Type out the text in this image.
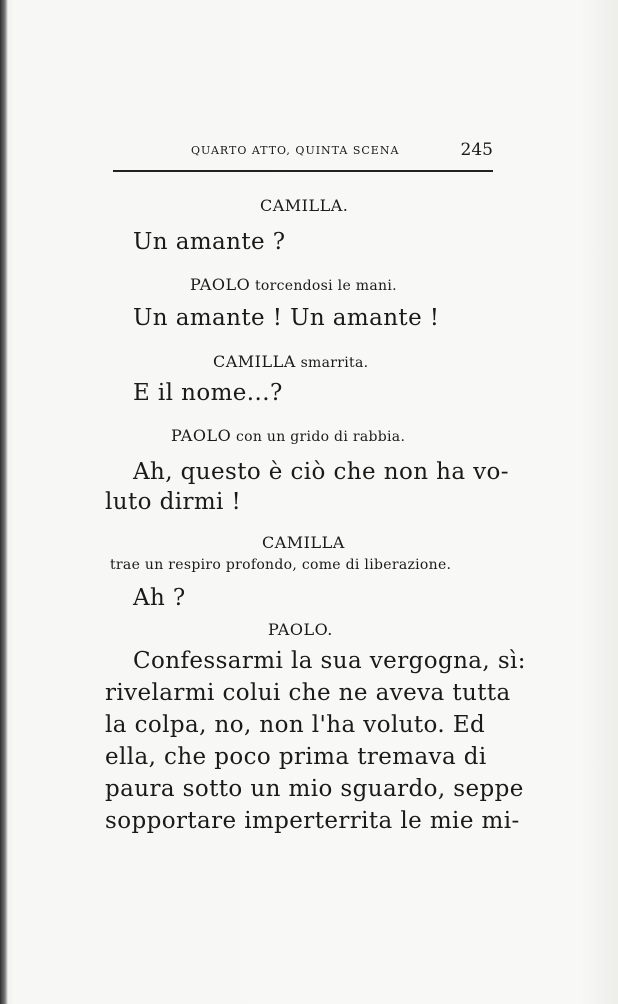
QUARTO ATTO, QUINTA SCENA	245
CAMILLA.
Un amante ?
PAOLO torcendosi le mani.
Un amante ! Un amante !
CAMILLA smarrita.
E il nome...?
PAOLO con un grido di rabbia.
Ah, questo è ciò che non ha vo-
luto dirmi !
CAMILLA
trae un respiro profondo, come di liberazione.
Ah ?
PAOLO.
Confessarmi la sua vergogna, sì:
rivelarmi colui che ne aveva tutta
la colpa, no, non l'ha voluto. Ed
ella, che poco prima tremava di
paura sotto un mio sguardo, seppe
sopportare imperterrita le mie mi-
